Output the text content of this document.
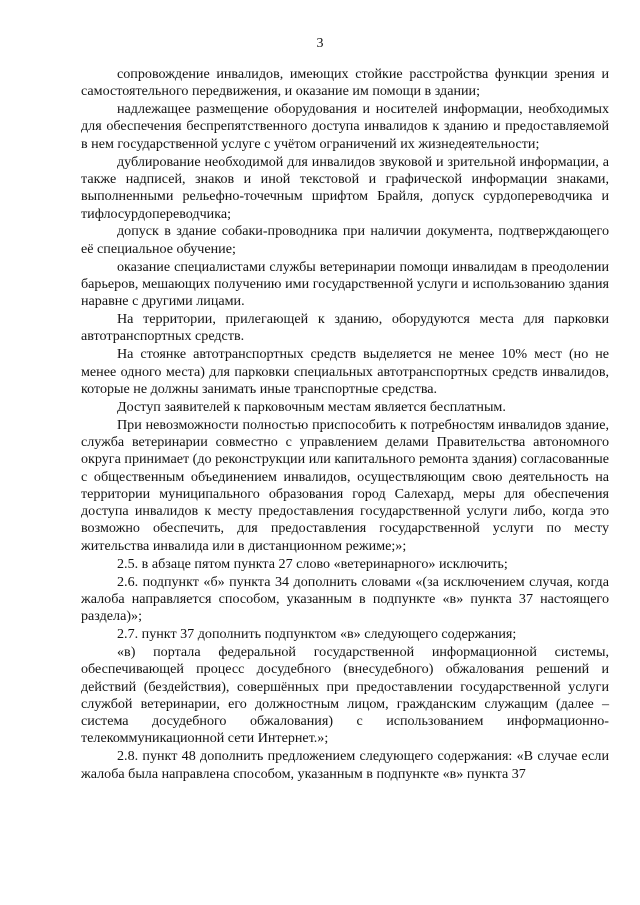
3

сопровождение инвалидов, имеющих стойкие расстройства функции зрения и самостоятельного передвижения, и оказание им помощи в здании;

надлежащее размещение оборудования и носителей информации, необходимых для обеспечения беспрепятственного доступа инвалидов к зданию и предоставляемой в нем государственной услуге с учётом ограничений их жизнедеятельности;

дублирование необходимой для инвалидов звуковой и зрительной информации, а также надписей, знаков и иной текстовой и графической информации знаками, выполненными рельефно-точечным шрифтом Брайля, допуск сурдопереводчика и тифлосурдопереводчика;

допуск в здание собаки-проводника при наличии документа, подтверждающего её специальное обучение;

оказание специалистами службы ветеринарии помощи инвалидам в преодолении барьеров, мешающих получению ими государственной услуги и использованию здания наравне с другими лицами.

На территории, прилегающей к зданию, оборудуются места для парковки автотранспортных средств.

На стоянке автотранспортных средств выделяется не менее 10% мест (но не менее одного места) для парковки специальных автотранспортных средств инвалидов, которые не должны занимать иные транспортные средства.

Доступ заявителей к парковочным местам является бесплатным.

При невозможности полностью приспособить к потребностям инвалидов здание, служба ветеринарии совместно с управлением делами Правительства автономного округа принимает (до реконструкции или капитального ремонта здания) согласованные с общественным объединением инвалидов, осуществляющим свою деятельность на территории муниципального образования город Салехард, меры для обеспечения доступа инвалидов к месту предоставления государственной услуги либо, когда это возможно обеспечить, для предоставления государственной услуги по месту жительства инвалида или в дистанционном режиме;»;

2.5. в абзаце пятом пункта 27 слово «ветеринарного» исключить;

2.6. подпункт «б» пункта 34 дополнить словами «(за исключением случая, когда жалоба направляется способом, указанным в подпункте «в» пункта 37 настоящего раздела)»;

2.7. пункт 37 дополнить подпунктом «в» следующего содержания;

«в) портала федеральной государственной информационной системы, обеспечивающей процесс досудебного (внесудебного) обжалования решений и действий (бездействия), совершённых при предоставлении государственной услуги службой ветеринарии, его должностным лицом, гражданским служащим (далее – система досудебного обжалования) с использованием информационно-телекоммуникационной сети Интернет.»;

2.8. пункт 48 дополнить предложением следующего содержания: «В случае если жалоба была направлена способом, указанным в подпункте «в» пункта 37
